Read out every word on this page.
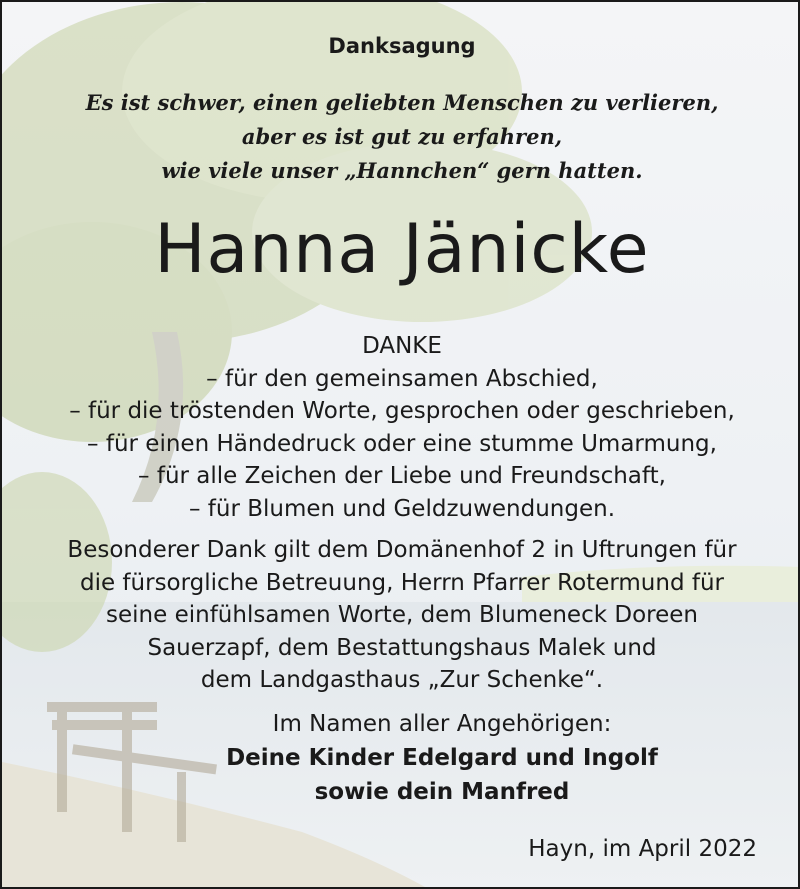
Danksagung
Es ist schwer, einen geliebten Menschen zu verlieren,
aber es ist gut zu erfahren,
wie viele unser „Hannchen“ gern hatten.
Hanna Jänicke
DANKE
– für den gemeinsamen Abschied,
– für die tröstenden Worte, gesprochen oder geschrieben,
– für einen Händedruck oder eine stumme Umarmung,
– für alle Zeichen der Liebe und Freundschaft,
– für Blumen und Geldzuwendungen.
Besonderer Dank gilt dem Domänenhof 2 in Uftrungen für
die fürsorgliche Betreuung, Herrn Pfarrer Rotermund für
seine einfühlsamen Worte, dem Blumeneck Doreen
Sauerzapf, dem Bestattungshaus Malek und
dem Landgasthaus „Zur Schenke“.
Im Namen aller Angehörigen:
Deine Kinder Edelgard und Ingolf
sowie dein Manfred
Hayn, im April 2022
